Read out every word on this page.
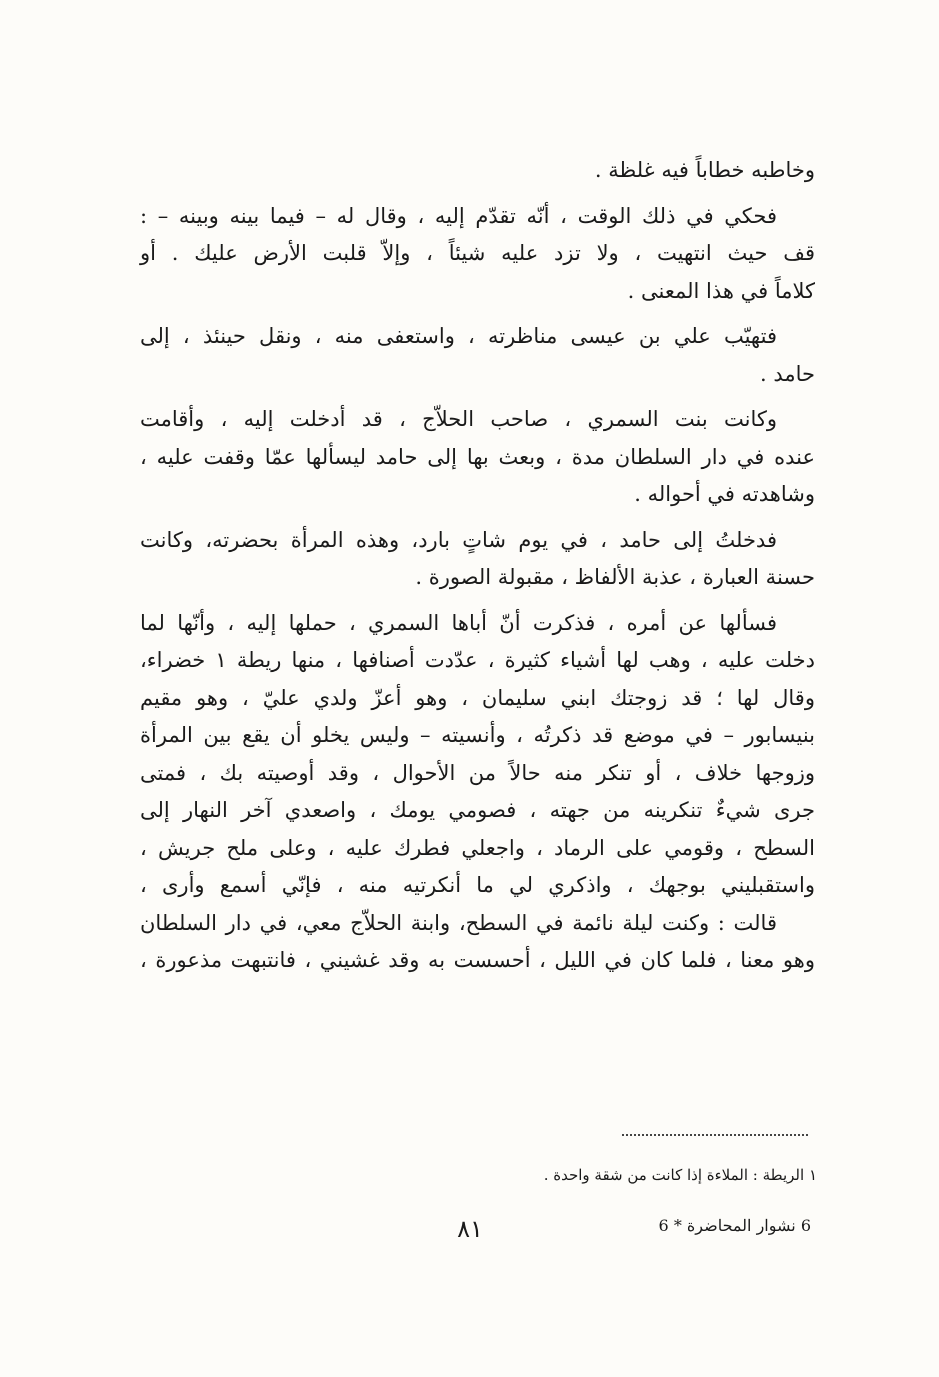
وخاطبه خطاباً فيه غلظة .
فحكي في ذلك الوقت ، أنّه تقدّم إليه ، وقال له – فيما بينه وبينه – :
قف حيث انتهيت ، ولا تزد عليه شيئاً ، وإلاّ قلبت الأرض عليك . أو
كلاماً في هذا المعنى .
فتهيّب علي بن عيسى مناظرته ، واستعفى منه ، ونقل حينئذ ، إلى
حامد .
وكانت بنت السمري ، صاحب الحلاّج ، قد أدخلت إليه ، وأقامت
عنده في دار السلطان مدة ، وبعث بها إلى حامد ليسألها عمّا وقفت عليه ،
وشاهدته في أحواله .
فدخلتُ إلى حامد ، في يوم شاتٍ بارد، وهذه المرأة بحضرته، وكانت
حسنة العبارة ، عذبة الألفاظ ، مقبولة الصورة .
فسألها عن أمره ، فذكرت أنّ أباها السمري ، حملها إليه ، وأنّها لما
دخلت عليه ، وهب لها أشياء كثيرة ، عدّدت أصنافها ، منها ريطة ١ خضراء،
وقال لها ؛ قد زوجتك ابني سليمان ، وهو أعزّ ولدي عليّ ، وهو مقيم
بنيسابور – في موضع قد ذكرتُه ، وأنسيته – وليس يخلو أن يقع بين المرأة
وزوجها خلاف ، أو تنكر منه حالاً من الأحوال ، وقد أوصيته بك ، فمتى
جرى شيءٌ تنكرينه من جهته ، فصومي يومك ، واصعدي آخر النهار إلى
السطح ، وقومي على الرماد ، واجعلي فطرك عليه ، وعلى ملح جريش ،
واستقبليني بوجهك ، واذكري لي ما أنكرتيه منه ، فإنّي أسمع وأرى ،
قالت : وكنت ليلة نائمة في السطح، وابنة الحلاّج معي، في دار السلطان
وهو معنا ، فلما كان في الليل ، أحسست به وقد غشيني ، فانتبهت مذعورة ،
١ الريطة : الملاءة إذا كانت من شقة واحدة .
٨١	6 نشوار المحاضرة * 6
